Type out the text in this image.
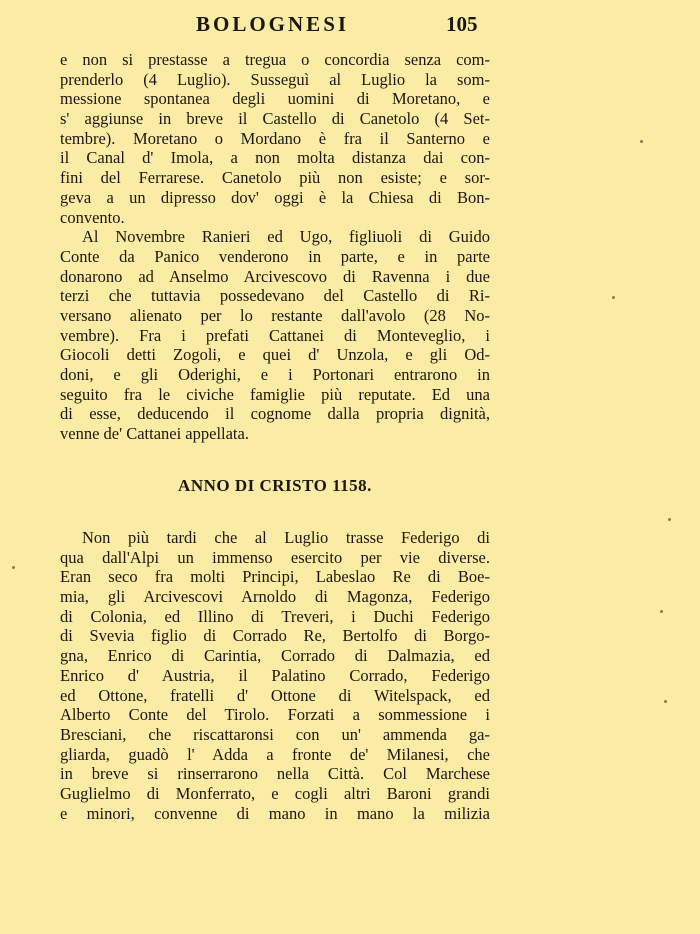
BOLOGNESI	105
e non si prestasse a tregua o concordia senza com-
prenderlo (4 Luglio). Susseguì al Luglio la som-
messione spontanea degli uomini di Moretano, e
s' aggiunse in breve il Castello di Canetolo (4 Set-
tembre). Moretano o Mordano è fra il Santerno e
il Canal d' Imola, a non molta distanza dai con-
fini del Ferrarese. Canetolo più non esiste; e sor-
geva a un dipresso dov' oggi è la Chiesa di Bon-
convento.
Al Novembre Ranieri ed Ugo, figliuoli di Guido
Conte da Panico venderono in parte, e in parte
donarono ad Anselmo Arcivescovo di Ravenna i due
terzi che tuttavia possedevano del Castello di Ri-
versano alienato per lo restante dall'avolo (28 No-
vembre). Fra i prefati Cattanei di Monteveglio, i
Giocoli detti Zogoli, e quei d' Unzola, e gli Od-
doni, e gli Oderighi, e i Portonari entrarono in
seguito fra le civiche famiglie più reputate. Ed una
di esse, deducendo il cognome dalla propria dignità,
venne de' Cattanei appellata.
ANNO DI CRISTO 1158.
Non più tardi che al Luglio trasse Federigo di
qua dall'Alpi un immenso esercito per vie diverse.
Eran seco fra molti Principi, Labeslao Re di Boe-
mia, gli Arcivescovi Arnoldo di Magonza, Federigo
di Colonia, ed Illino di Treveri, i Duchi Federigo
di Svevia figlio di Corrado Re, Bertolfo di Borgo-
gna, Enrico di Carintia, Corrado di Dalmazia, ed
Enrico d' Austria, il Palatino Corrado, Federigo
ed Ottone, fratelli d' Ottone di Witelspack, ed
Alberto Conte del Tirolo. Forzati a sommessione i
Bresciani, che riscattaronsi con un' ammenda ga-
gliarda, guadò l' Adda a fronte de' Milanesi, che
in breve si rinserrarono nella Città. Col Marchese
Guglielmo di Monferrato, e cogli altri Baroni grandi
e minori, convenne di mano in mano la milizia
